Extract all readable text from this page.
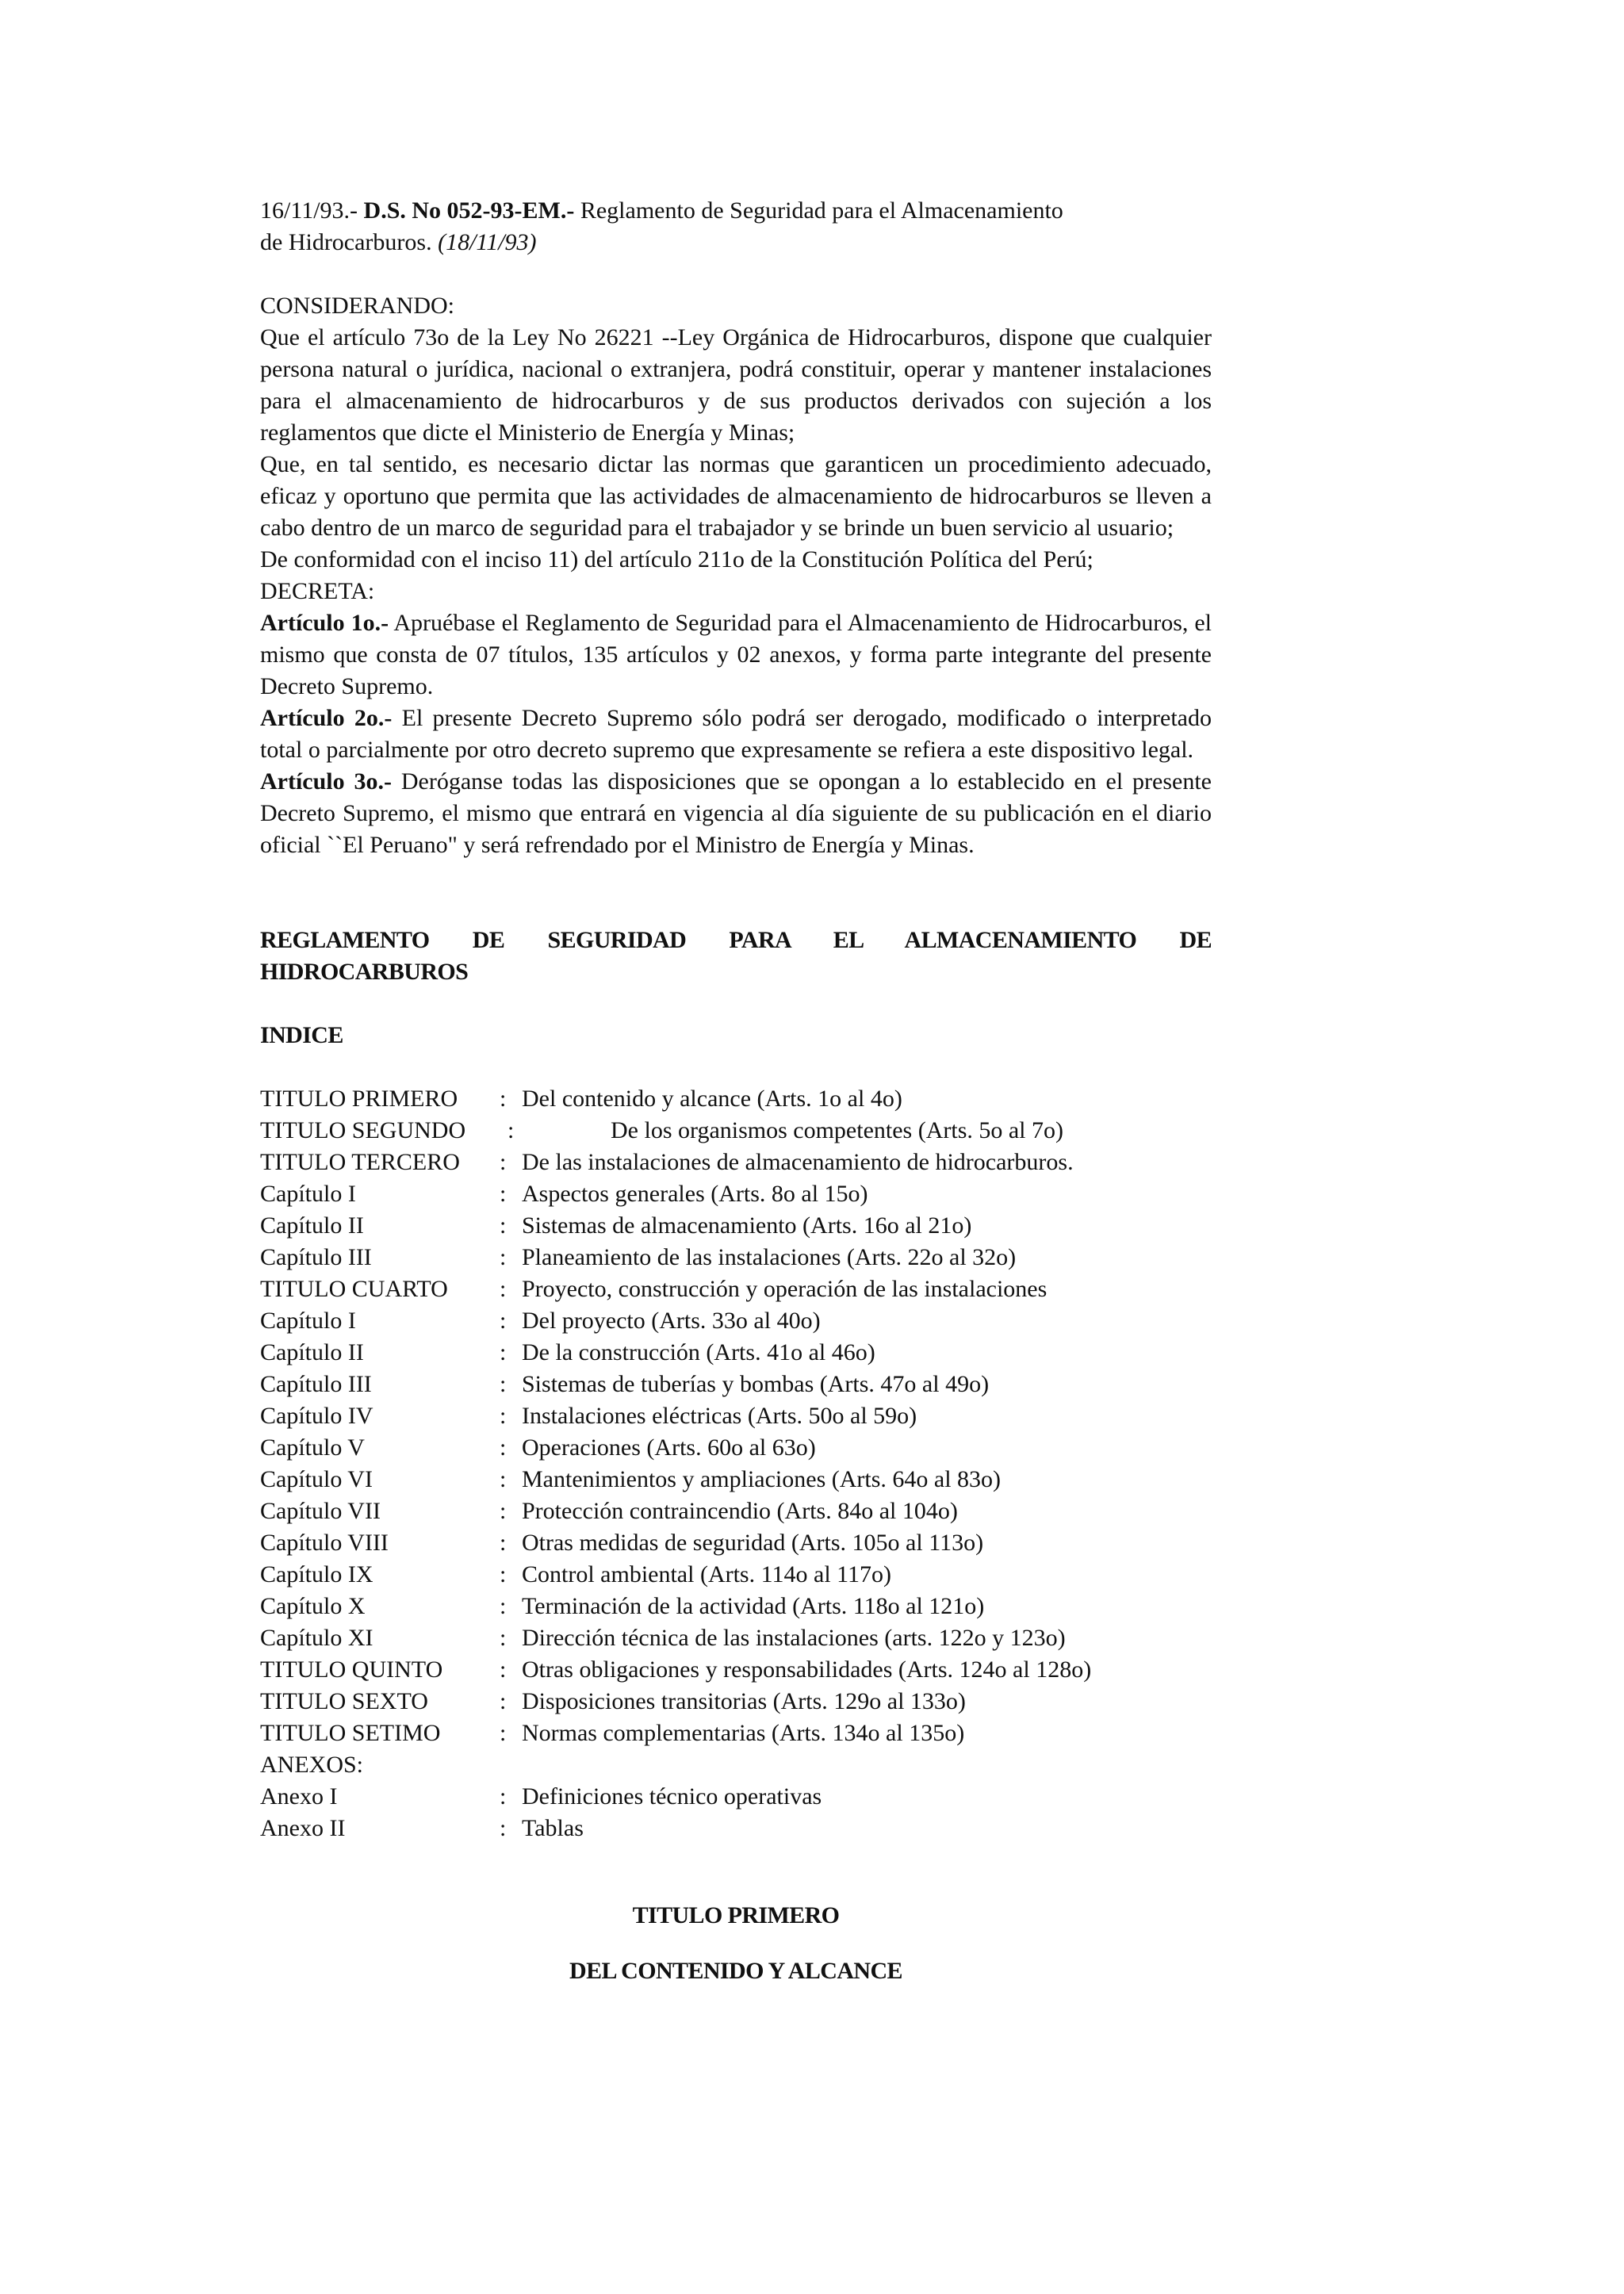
16/11/93.- D.S. No 052-93-EM.- Reglamento de Seguridad para el Almacenamiento
de Hidrocarburos. (18/11/93)

CONSIDERANDO:

Que el artículo 73o de la Ley No 26221 --Ley Orgánica de Hidrocarburos, dispone que cualquier persona natural o jurídica, nacional o extranjera, podrá constituir, operar y mantener instalaciones para el almacenamiento de hidrocarburos y de sus productos derivados con sujeción a los reglamentos que dicte el Ministerio de Energía y Minas;

Que, en tal sentido, es necesario dictar las normas que garanticen un procedimiento adecuado, eficaz y oportuno que permita que las actividades de almacenamiento de hidrocarburos se lleven a cabo dentro de un marco de seguridad para el trabajador y se brinde un buen servicio al usuario;

De conformidad con el inciso 11) del artículo 211o de la Constitución Política del Perú;

DECRETA:

Artículo 1o.- Apruébase el Reglamento de Seguridad para el Almacenamiento de Hidrocarburos, el mismo que consta de 07 títulos, 135 artículos y 02 anexos, y forma parte integrante del presente Decreto Supremo.

Artículo 2o.- El presente Decreto Supremo sólo podrá ser derogado, modificado o interpretado total o parcialmente por otro decreto supremo que expresamente se refiera a este dispositivo legal.

Artículo 3o.- Deróganse todas las disposiciones que se opongan a lo establecido en el presente Decreto Supremo, el mismo que entrará en vigencia al día siguiente de su publicación en el diario oficial ``El Peruano" y será refrendado por el Ministro de Energía y Minas.

REGLAMENTO DE SEGURIDAD PARA EL ALMACENAMIENTO DE

HIDROCARBUROS

INDICE

TITULO PRIMERO	: Del contenido y alcance (Arts. 1o al 4o)
TITULO SEGUNDO	:	De los organismos competentes (Arts. 5o al 7o)
TITULO TERCERO	: De las instalaciones de almacenamiento de hidrocarburos.
Capítulo I	: Aspectos generales (Arts. 8o al 15o)
Capítulo II	: Sistemas de almacenamiento (Arts. 16o al 21o)
Capítulo III	: Planeamiento de las instalaciones (Arts. 22o al 32o)
TITULO CUARTO	: Proyecto, construcción y operación de las instalaciones
Capítulo I	: Del proyecto (Arts. 33o al 40o)
Capítulo II	: De la construcción (Arts. 41o al 46o)
Capítulo III	: Sistemas de tuberías y bombas (Arts. 47o al 49o)
Capítulo IV	: Instalaciones eléctricas (Arts. 50o al 59o)
Capítulo V	: Operaciones (Arts. 60o al 63o)
Capítulo VI	: Mantenimientos y ampliaciones (Arts. 64o al 83o)
Capítulo VII	: Protección contraincendio (Arts. 84o al 104o)
Capítulo VIII	: Otras medidas de seguridad (Arts. 105o al 113o)
Capítulo IX	: Control ambiental (Arts. 114o al 117o)
Capítulo X	: Terminación de la actividad (Arts. 118o al 121o)
Capítulo XI	: Dirección técnica de las instalaciones (arts. 122o y 123o)
TITULO QUINTO	: Otras obligaciones y responsabilidades (Arts. 124o al 128o)
TITULO SEXTO	: Disposiciones transitorias (Arts. 129o al 133o)
TITULO SETIMO	: Normas complementarias (Arts. 134o al 135o)
ANEXOS:
Anexo I	: Definiciones técnico operativas
Anexo II	: Tablas

TITULO PRIMERO

DEL CONTENIDO Y ALCANCE
